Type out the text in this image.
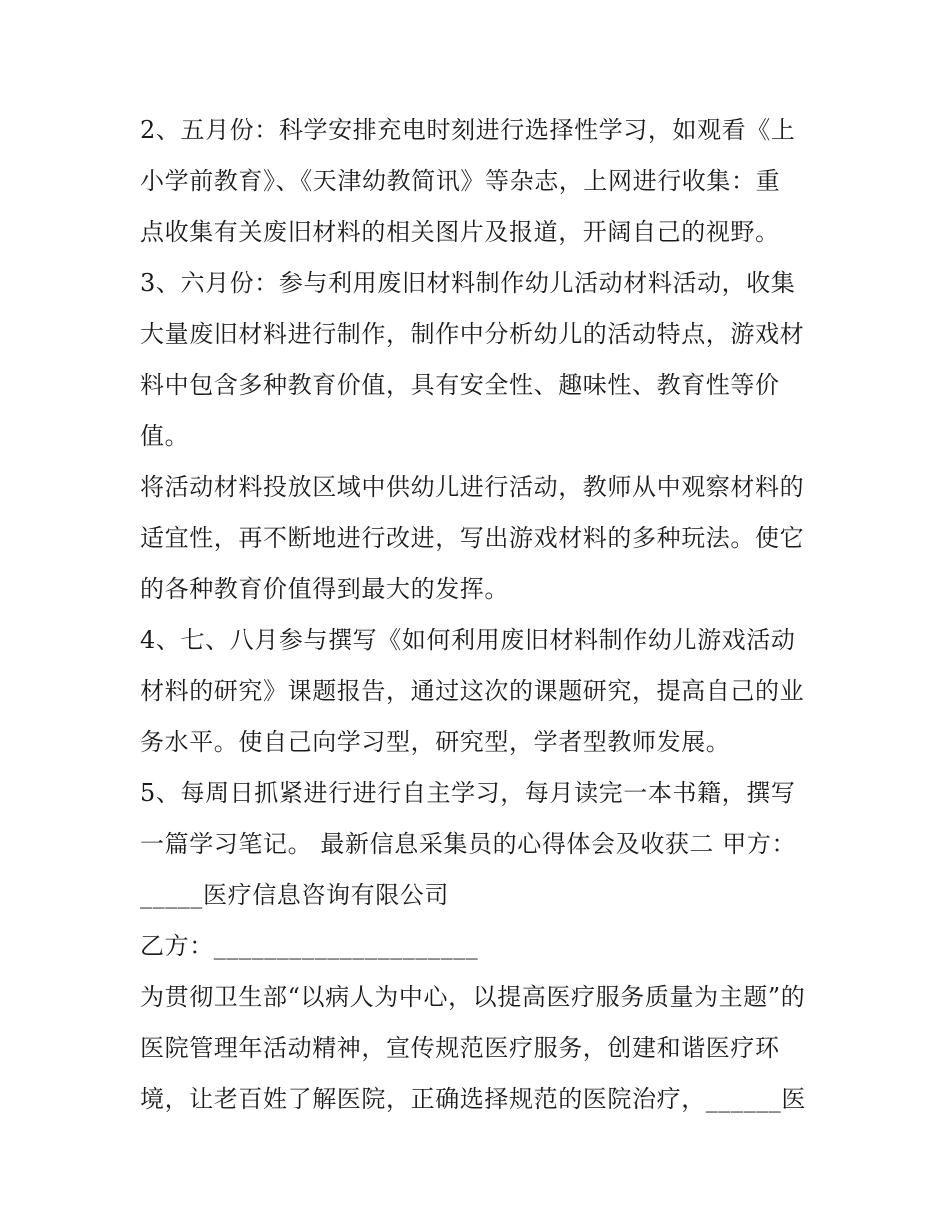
2、五月份：科学安排充电时刻进行选择性学习，如观看《上
小学前教育》、《天津幼教简讯》等杂志，上网进行收集：重
点收集有关废旧材料的相关图片及报道，开阔自己的视野。
3、六月份：参与利用废旧材料制作幼儿活动材料活动，收集
大量废旧材料进行制作，制作中分析幼儿的活动特点，游戏材
料中包含多种教育价值，具有安全性、趣味性、教育性等价
值。
将活动材料投放区域中供幼儿进行活动，教师从中观察材料的
适宜性，再不断地进行改进，写出游戏材料的多种玩法。使它
的各种教育价值得到最大的发挥。
4、七、八月参与撰写《如何利用废旧材料制作幼儿游戏活动
材料的研究》课题报告，通过这次的课题研究，提高自己的业
务水平。使自己向学习型，研究型，学者型教师发展。
5、每周日抓紧进行进行自主学习，每月读完一本书籍，撰写
一篇学习笔记。 最新信息采集员的心得体会及收获二 甲方：
_____医疗信息咨询有限公司
乙方：_____________________
为贯彻卫生部“以病人为中心，以提高医疗服务质量为主题”的
医院管理年活动精神，宣传规范医疗服务，创建和谐医疗环
境，让老百姓了解医院，正确选择规范的医院治疗，______医
